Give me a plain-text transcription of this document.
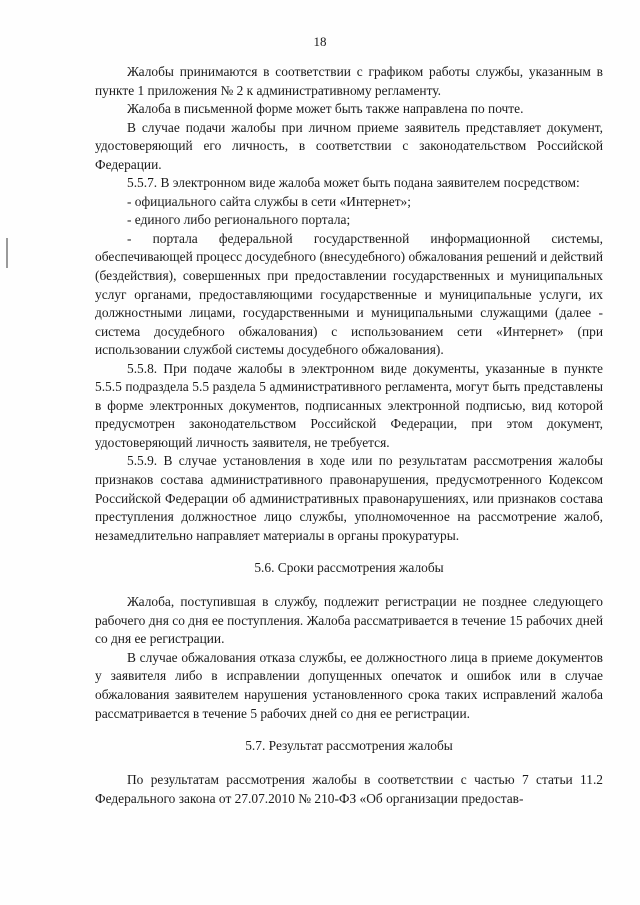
18

Жалобы принимаются в соответствии с графиком работы службы, указанным в пункте 1 приложения № 2 к административному регламенту.

Жалоба в письменной форме может быть также направлена по почте.

В случае подачи жалобы при личном приеме заявитель представляет документ, удостоверяющий его личность, в соответствии с законодательством Российской Федерации.

5.5.7. В электронном виде жалоба может быть подана заявителем посредством:

- официального сайта службы в сети «Интернет»;

- единого либо регионального портала;

- портала федеральной государственной информационной системы, обеспечивающей процесс досудебного (внесудебного) обжалования решений и действий (бездействия), совершенных при предоставлении государственных и муниципальных услуг органами, предоставляющими государственные и муниципальные услуги, их должностными лицами, государственными и муниципальными служащими (далее - система досудебного обжалования) с использованием сети «Интернет» (при использовании службой системы досудебного обжалования).

5.5.8. При подаче жалобы в электронном виде документы, указанные в пункте 5.5.5 подраздела 5.5 раздела 5 административного регламента, могут быть представлены в форме электронных документов, подписанных электронной подписью, вид которой предусмотрен законодательством Российской Федерации, при этом документ, удостоверяющий личность заявителя, не требуется.

5.5.9. В случае установления в ходе или по результатам рассмотрения жалобы признаков состава административного правонарушения, предусмотренного Кодексом Российской Федерации об административных правонарушениях, или признаков состава преступления должностное лицо службы, уполномоченное на рассмотрение жалоб, незамедлительно направляет материалы в органы прокуратуры.

5.6. Сроки рассмотрения жалобы

Жалоба, поступившая в службу, подлежит регистрации не позднее следующего рабочего дня со дня ее поступления. Жалоба рассматривается в течение 15 рабочих дней со дня ее регистрации.

В случае обжалования отказа службы, ее должностного лица в приеме документов у заявителя либо в исправлении допущенных опечаток и ошибок или в случае обжалования заявителем нарушения установленного срока таких исправлений жалоба рассматривается в течение 5 рабочих дней со дня ее регистрации.

5.7. Результат рассмотрения жалобы

По результатам рассмотрения жалобы в соответствии с частью 7 статьи 11.2 Федерального закона от 27.07.2010 № 210-ФЗ «Об организации предостав-
